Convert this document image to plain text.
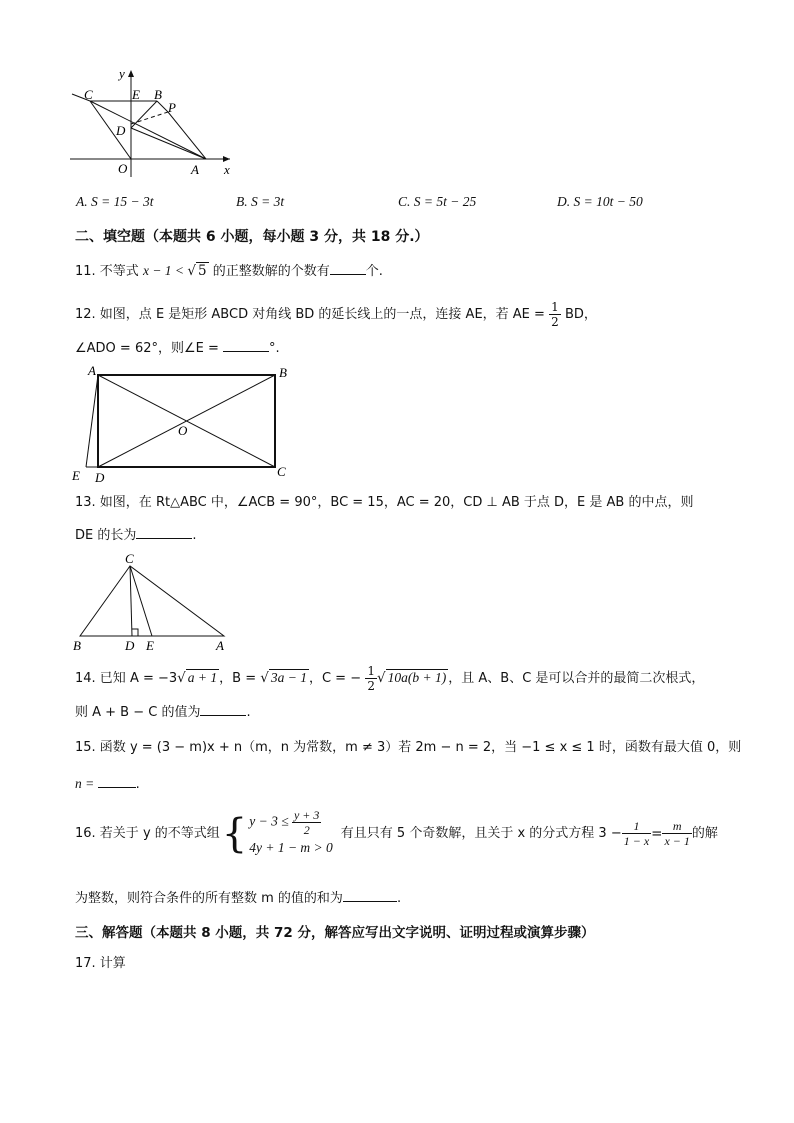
y
x
C	E B
P
D
O	A
A. S = 15 − 3t	B. S = 3t	C. S = 5t − 25	D. S = 10t − 50
二、填空题（本题共 6 小题，每小题 3 分，共 18 分.）
11. 不等式 x − 1 < √ 5 的正整数解的个数有	个.
12. 如图，点 E 是矩形 ABCD 对角线 BD 的延长线上的一点，连接 AE，若 AE = $\frac{1}{2}$ BD，
∠ADO = 62°，则∠E =	°.
A	B
O
E D	C
13. 如图，在 Rt△ABC 中，∠ACB = 90°，BC = 15，AC = 20，CD ⊥ AB 于点 D，E 是 AB 的中点，则
DE 的长为	.
C
B	D E	A
14. 已知 A = −3√ a + 1 ，B = √ 3a − 1 ，C = − $\frac{1}{2}$ √ 10a(b + 1) ，且 A、B、C 是可以合并的最简二次根式，
则 A + B − C 的值为	.
15. 函数 y = (3 − m)x + n（m，n 为常数，m ≠ 3）若 2m − n = 2，当 −1 ≤ x ≤ 1 时，函数有最大值 0，则
n =	.
16. 若关于 y 的不等式组 { $y - 3 \le \frac{y + 3}{2}$
4y + 1 − m > 0
有且只有 5 个奇数解，且关于 x 的分式方程 $3 - \frac{1}{1 - x} = \frac{m}{x - 1}$ 的解
为整数，则符合条件的所有整数 m 的值的和为	.
三、解答题（本题共 8 小题，共 72 分，解答应写出文字说明、证明过程或演算步骤）
17. 计算
